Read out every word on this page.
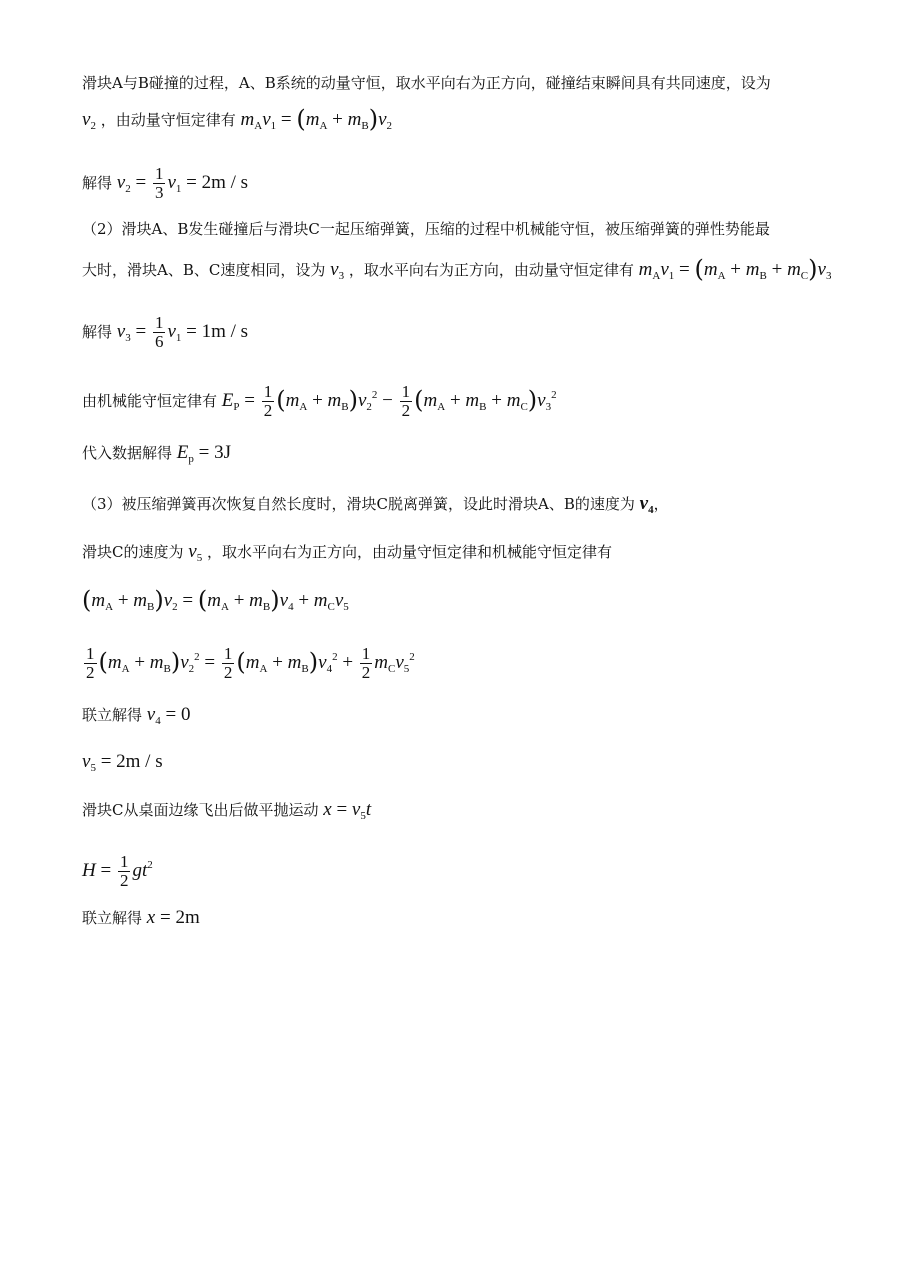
滑块A与B碰撞的过程，A、B系统的动量守恒，取水平向右为正方向，碰撞结束瞬间具有共同速度，设为
$v_2$ ，由动量守恒定律有 $m_Av_1 = (m_A + m_B)v_2$
解得 $v_2 = \frac{1}{3} v_1 = 2m / s$
（2）滑块A、B发生碰撞后与滑块C一起压缩弹簧，压缩的过程中机械能守恒，被压缩弹簧的弹性势能最
大时，滑块A、B、C速度相同，设为 $v_3$ ，取水平向右为正方向，由动量守恒定律有 $m_Av_1 = (m_A + m_B + m_C)v_3$
解得 $v_3 = \frac{1}{6} v_1 = 1m / s$
由机械能守恒定律有 $E_P = \frac{1}{2} (m_A + m_B)v_2^2 - \frac{1}{2} (m_A + m_B + m_C)v_3^2$
代入数据解得 $E_p = 3J$
（3）被压缩弹簧再次恢复自然长度时，滑块C脱离弹簧，设此时滑块A、B的速度为 $v_4$，
滑块C的速度为 $v_5$ ，取水平向右为正方向，由动量守恒定律和机械能守恒定律有
$(m_A + m_B)v_2 = (m_A + m_B)v_4 + m_Cv_5$
$\frac{1}{2} (m_A + m_B)v_2^2 = \frac{1}{2} (m_A + m_B)v_4^2 + \frac{1}{2} m_Cv_5^2$
联立解得 $v_4 = 0$
$v_5 = 2m / s$
滑块C从桌面边缘飞出后做平抛运动 $x = v_5t$
$H = \frac{1}{2} gt^2$
联立解得 x = 2m
